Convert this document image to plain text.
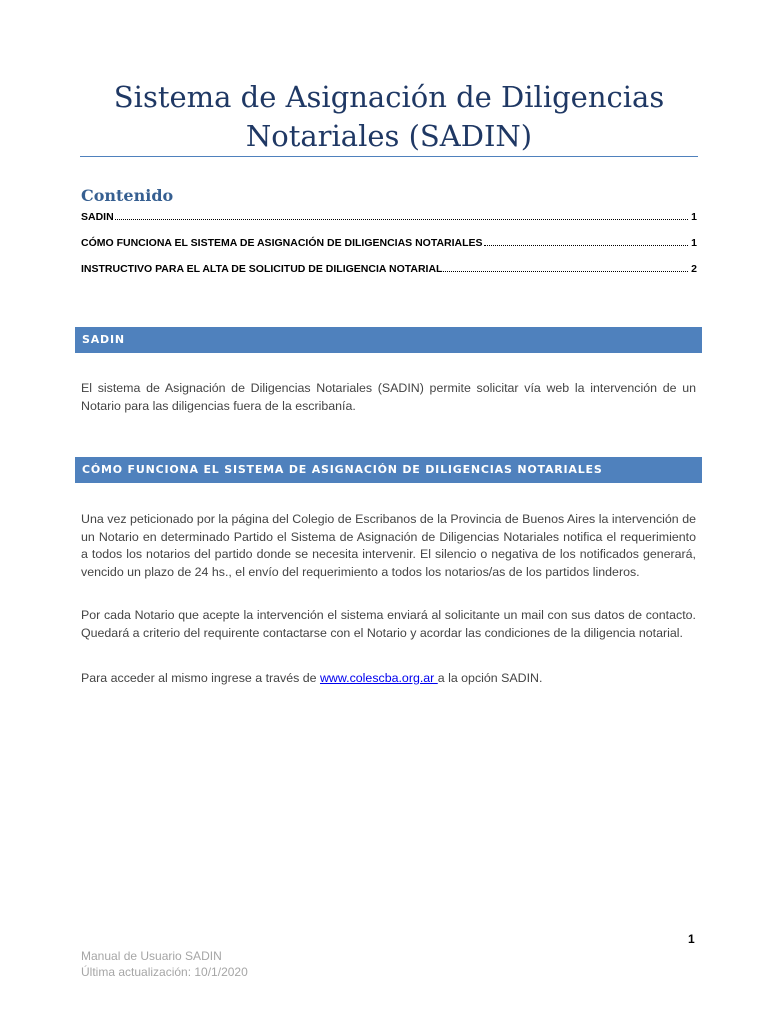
Sistema de Asignación de Diligencias Notariales (SADIN)
Contenido
SADIN	1
CÓMO FUNCIONA EL SISTEMA DE ASIGNACIÓN DE DILIGENCIAS NOTARIALES	1
INSTRUCTIVO PARA EL ALTA DE SOLICITUD DE DILIGENCIA NOTARIAL	2
SADIN

El sistema de Asignación de Diligencias Notariales (SADIN) permite solicitar vía web la intervención de un Notario para las diligencias fuera de la escribanía.

CÓMO FUNCIONA EL SISTEMA DE ASIGNACIÓN DE DILIGENCIAS NOTARIALES

Una vez peticionado por la página del Colegio de Escribanos de la Provincia de Buenos Aires la intervención de un Notario en determinado Partido el Sistema de Asignación de Diligencias Notariales notifica el requerimiento a todos los notarios del partido donde se necesita intervenir. El silencio o negativa de los notificados generará, vencido un plazo de 24 hs., el envío del requerimiento a todos los notarios/as de los partidos linderos.

Por cada Notario que acepte la intervención el sistema enviará al solicitante un mail con sus datos de contacto. Quedará a criterio del requirente contactarse con el Notario y acordar las condiciones de la diligencia notarial.

Para acceder al mismo ingrese a través de www.colescba.org.ar a la opción SADIN.

1
Manual de Usuario SADIN
Última actualización: 10/1/2020
